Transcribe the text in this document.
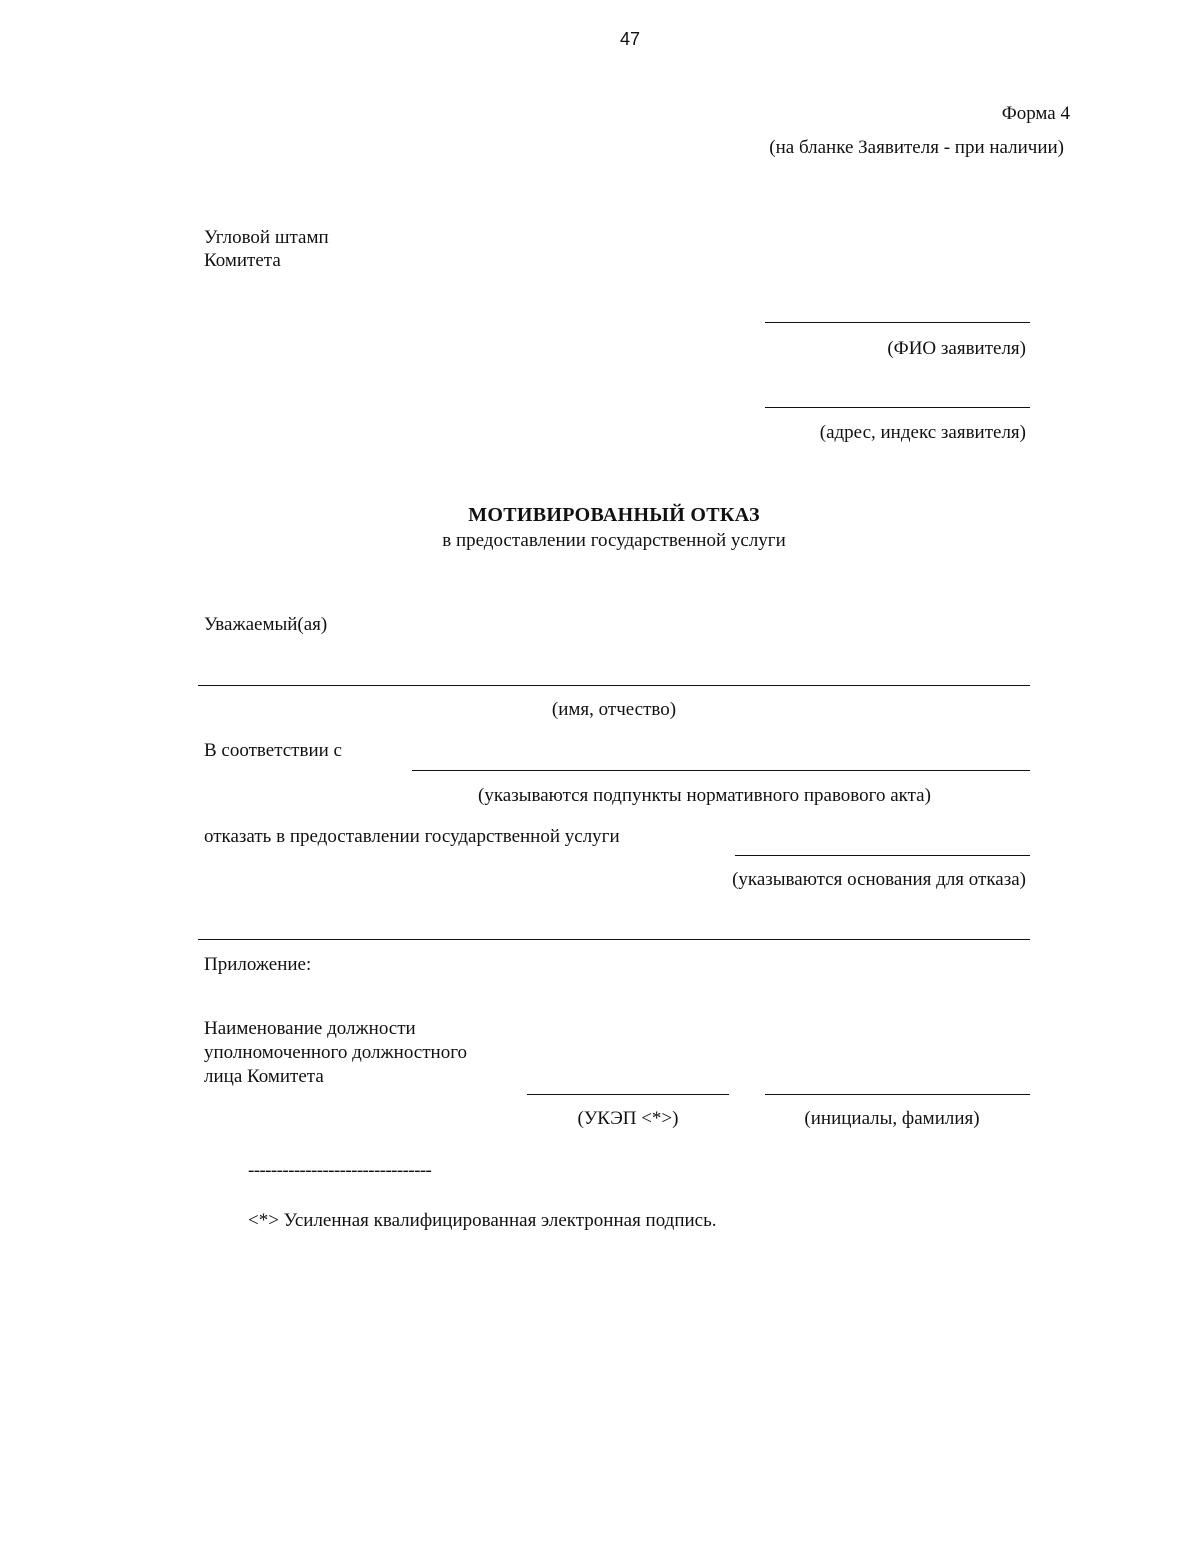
47
Форма 4
(на бланке Заявителя - при наличии)
Угловой штамп
Комитета
(ФИО заявителя)
(адрес, индекс заявителя)
МОТИВИРОВАННЫЙ ОТКАЗ
в предоставлении государственной услуги
Уважаемый(ая)
(имя, отчество)
В соответствии с
(указываются подпункты нормативного правового акта)
отказать в предоставлении государственной услуги
(указываются основания для отказа)
Приложение:
Наименование должности
уполномоченного должностного
лица Комитета
(УКЭП <*>)	(инициалы, фамилия)
--------------------------------
<*> Усиленная квалифицированная электронная подпись.
